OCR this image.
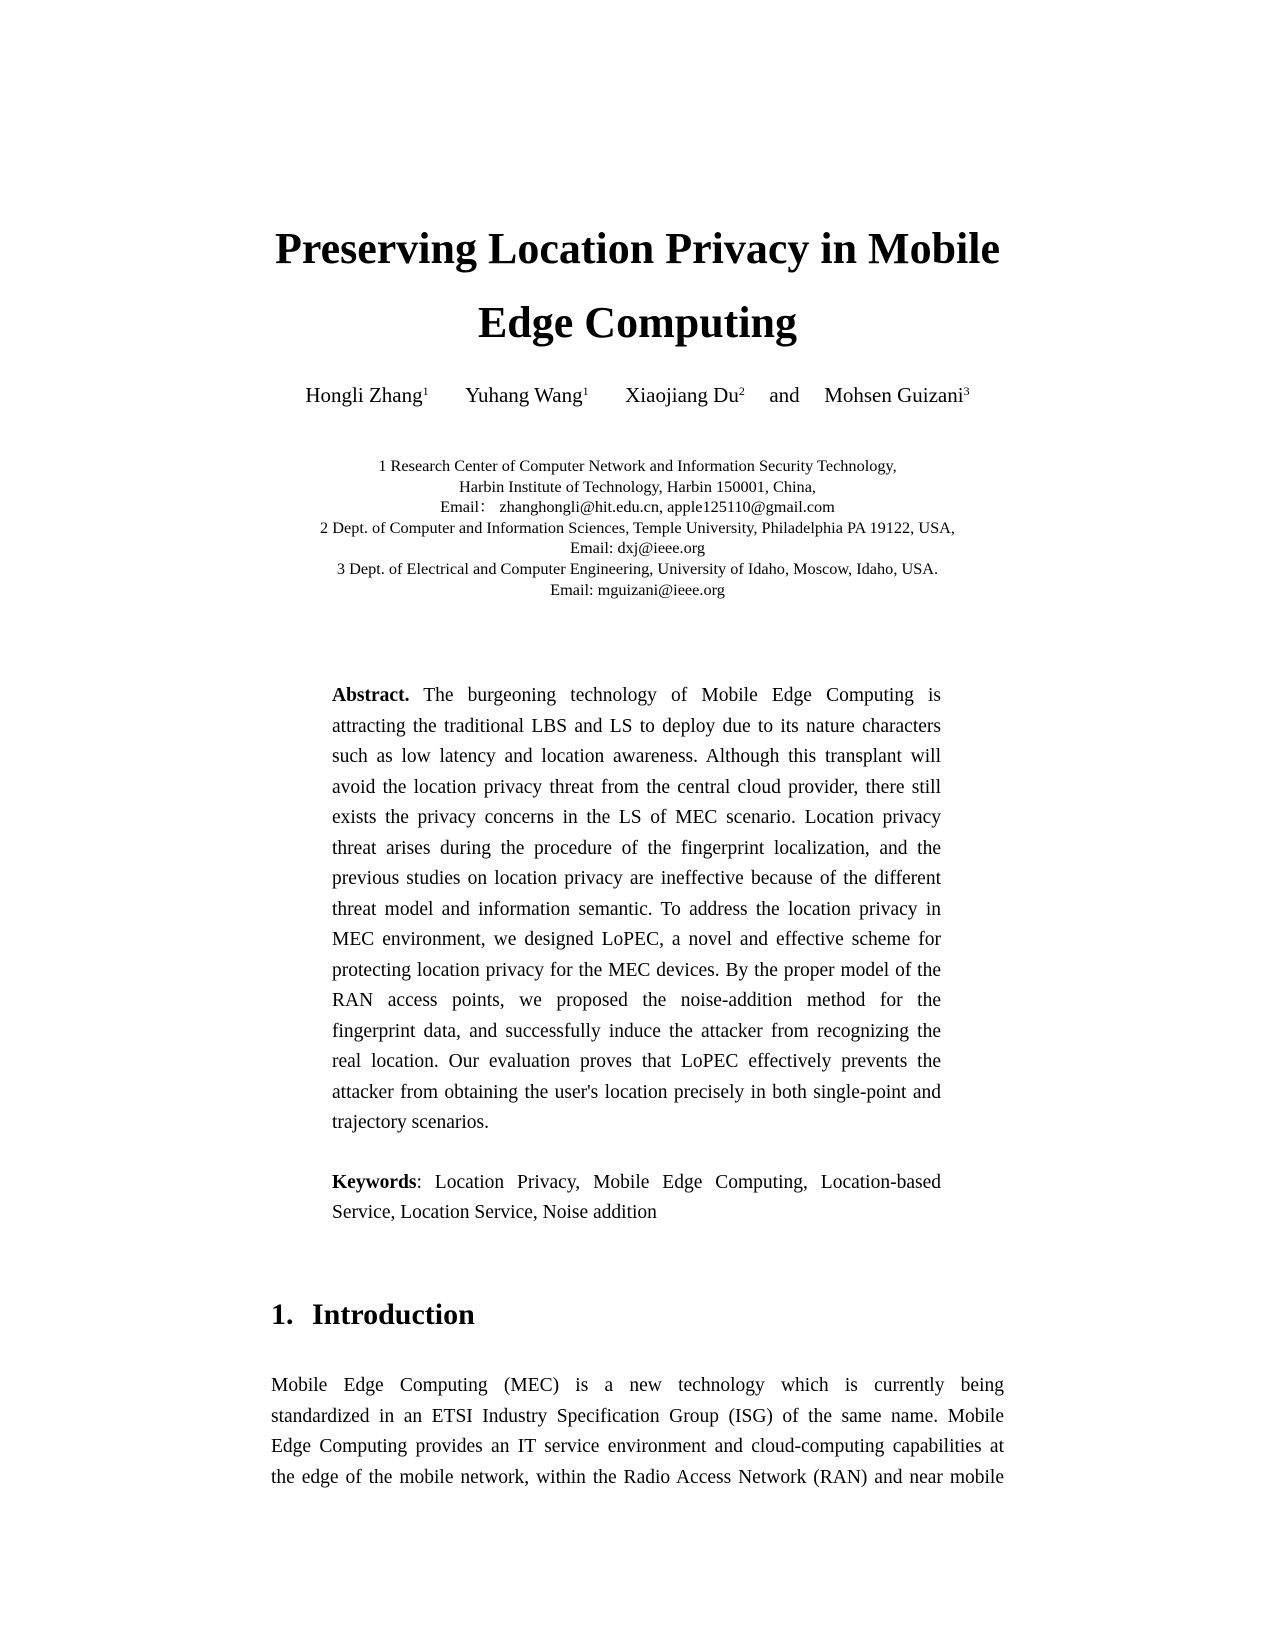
Preserving Location Privacy in Mobile
Edge Computing
Hongli Zhang$^1$ Yuhang Wang$^1$ Xiaojiang Du$^2$ and Mohsen Guizani$^3$
1 Research Center of Computer Network and Information Security Technology,
Harbin Institute of Technology, Harbin 150001, China,
Email： zhanghongli@hit.edu.cn, apple125110@gmail.com
2 Dept. of Computer and Information Sciences, Temple University, Philadelphia PA 19122, USA,
Email: dxj@ieee.org
3 Dept. of Electrical and Computer Engineering, University of Idaho, Moscow, Idaho, USA.
Email: mguizani@ieee.org

Abstract. The burgeoning technology of Mobile Edge Computing is attracting the traditional LBS and LS to deploy due to its nature characters such as low latency and location awareness. Although this transplant will avoid the location privacy threat from the central cloud provider, there still exists the privacy concerns in the LS of MEC scenario. Location privacy threat arises during the procedure of the fingerprint localization, and the previous studies on location privacy are ineffective because of the different threat model and information semantic. To address the location privacy in MEC environment, we designed LoPEC, a novel and effective scheme for protecting location privacy for the MEC devices. By the proper model of the RAN access points, we proposed the noise-addition method for the fingerprint data, and successfully induce the attacker from recognizing the real location. Our evaluation proves that LoPEC effectively prevents the attacker from obtaining the user's location precisely in both single-point and trajectory scenarios.

Keywords: Location Privacy, Mobile Edge Computing, Location-based Service, Location Service, Noise addition

1. Introduction
Mobile Edge Computing (MEC) is a new technology which is currently being
standardized in an ETSI Industry Specification Group (ISG) of the same name. Mobile
Edge Computing provides an IT service environment and cloud-computing capabilities at
the edge of the mobile network, within the Radio Access Network (RAN) and near mobile
